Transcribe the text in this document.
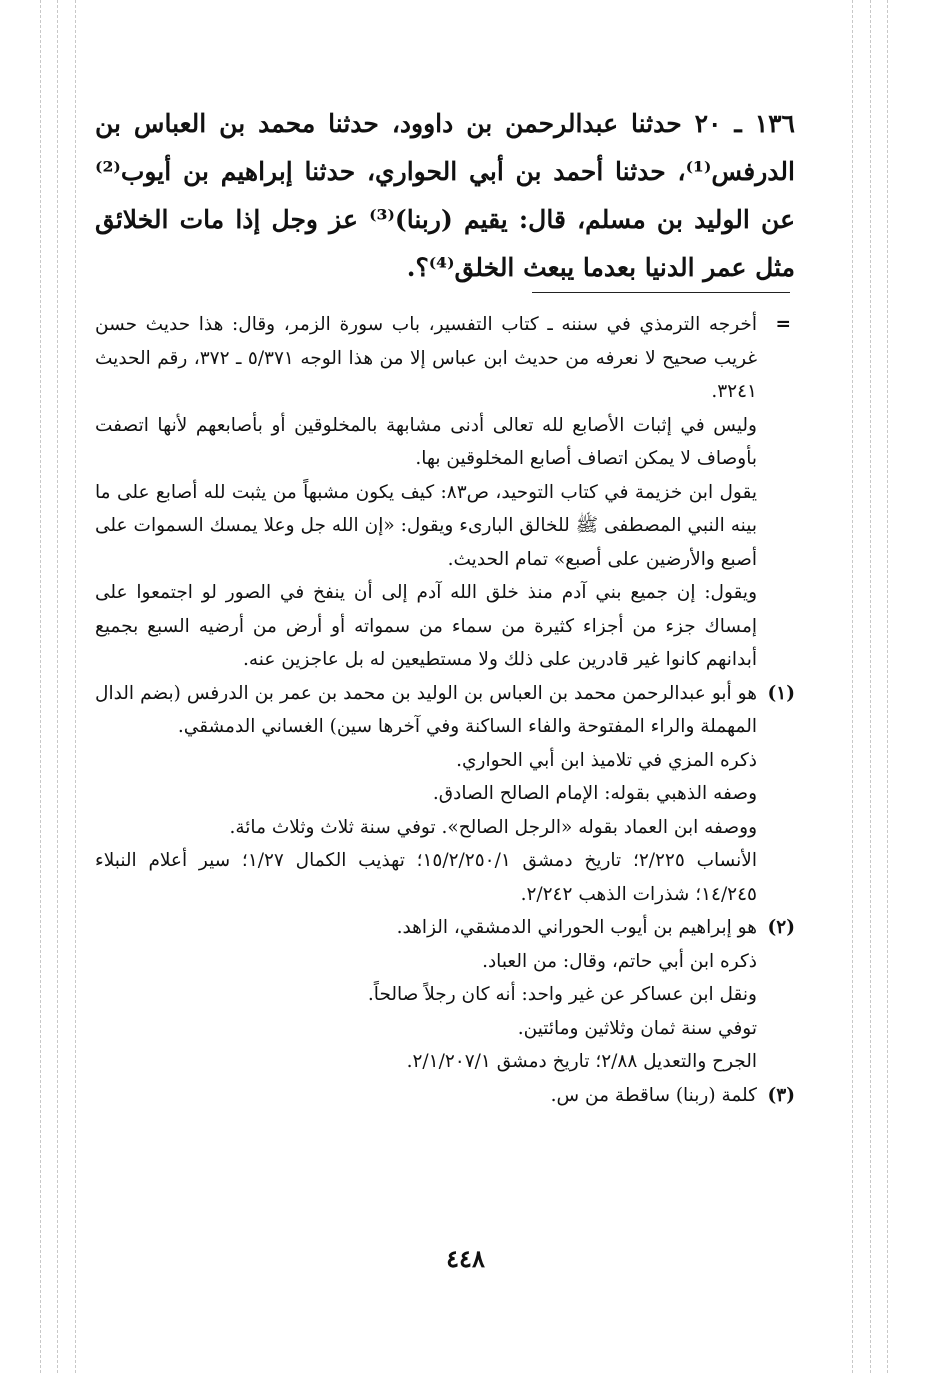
١٣٦ ـ ٢٠ حدثنا عبدالرحمن بن داوود، حدثنا محمد بن العباس بن الدرفس⁽¹⁾، حدثنا أحمد بن أبي الحواري، حدثنا إبراهيم بن أيوب⁽²⁾ عن الوليد بن مسلم، قال: يقيم (ربنا)⁽³⁾ عز وجل إذا مات الخلائق مثل عمر الدنيا بعدما يبعث الخلق⁽⁴⁾؟.
=

أخرجه الترمذي في سننه ـ كتاب التفسير، باب سورة الزمر، وقال: هذا حديث حسن غريب صحيح لا نعرفه من حديث ابن عباس إلا من هذا الوجه ٥/٣٧١ ـ ٣٧٢، رقم الحديث ٣٢٤١.

وليس في إثبات الأصابع لله تعالى أدنى مشابهة بالمخلوقين أو بأصابعهم لأنها اتصفت بأوصاف لا يمكن اتصاف أصابع المخلوقين بها.

يقول ابن خزيمة في كتاب التوحيد، ص٨٣: كيف يكون مشبهاً من يثبت لله أصابع على ما بينه النبي المصطفى ﷺ للخالق البارىء ويقول: «إن الله جل وعلا يمسك السموات على أصبع والأرضين على أصبع» تمام الحديث.

ويقول: إن جميع بني آدم منذ خلق الله آدم إلى أن ينفخ في الصور لو اجتمعوا على إمساك جزء من أجزاء كثيرة من سماء من سمواته أو أرض من أرضيه السبع بجميع أبدانهم كانوا غير قادرين على ذلك ولا مستطيعين له بل عاجزين عنه.

(١)

هو أبو عبدالرحمن محمد بن العباس بن الوليد بن محمد بن عمر بن الدرفس (بضم الدال المهملة والراء المفتوحة والفاء الساكنة وفي آخرها سين) الغساني الدمشقي.

ذكره المزي في تلاميذ ابن أبي الحواري.

وصفه الذهبي بقوله: الإمام الصالح الصادق.

ووصفه ابن العماد بقوله «الرجل الصالح». توفي سنة ثلاث وثلاث مائة.

الأنساب ٢/٢٢٥؛ تاريخ دمشق ١٥/٢/٢٥٠/١؛ تهذيب الكمال ١/٢٧؛ سير أعلام النبلاء ١٤/٢٤٥؛ شذرات الذهب ٢/٢٤٢.

(٢)

هو إبراهيم بن أيوب الحوراني الدمشقي، الزاهد.

ذكره ابن أبي حاتم، وقال: من العباد.

ونقل ابن عساكر عن غير واحد: أنه كان رجلاً صالحاً.

توفي سنة ثمان وثلاثين ومائتين.

الجرح والتعديل ٢/٨٨؛ تاريخ دمشق ٢/١/٢٠٧/١.

(٣)

كلمة (ربنا) ساقطة من س.

٤٤٨
